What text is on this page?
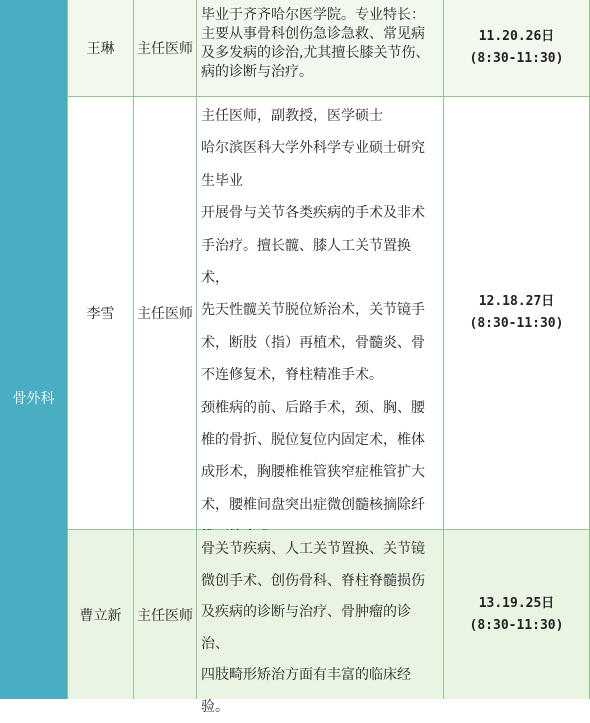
骨外科
王琳 主任医师

毕业于齐齐哈尔医学院。专业特长：

主要从事骨科创伤急诊急救、常见病

及多发病的诊治,尤其擅长膝关节伤、

病的诊断与治疗。

11.20.26日
(8:30-11:30)
李雪 主任医师

主任医师，副教授，医学硕士

哈尔滨医科大学外科学专业硕士研究

生毕业

开展骨与关节各类疾病的手术及非术

手治疗。擅长髋、膝人工关节置换术，

先天性髋关节脱位矫治术，关节镜手

术，断肢（指）再植术，骨髓炎、骨

不连修复术，脊柱精准手术。

颈椎病的前、后路手术，颈、胸、腰

椎的骨折、脱位复位内固定术，椎体

成形术，胸腰椎椎管狭窄症椎管扩大

术，腰椎间盘突出症微创髓核摘除纤

12.18.27日
(8:30-11:30)
曹立新 主任医师

骨关节疾病、人工关节置换、关节镜

微创手术、创伤骨科、脊柱脊髓损伤

及疾病的诊断与治疗、骨肿瘤的诊治、

四肢畸形矫治方面有丰富的临床经

验。

13.19.25日
(8:30-11:30)
